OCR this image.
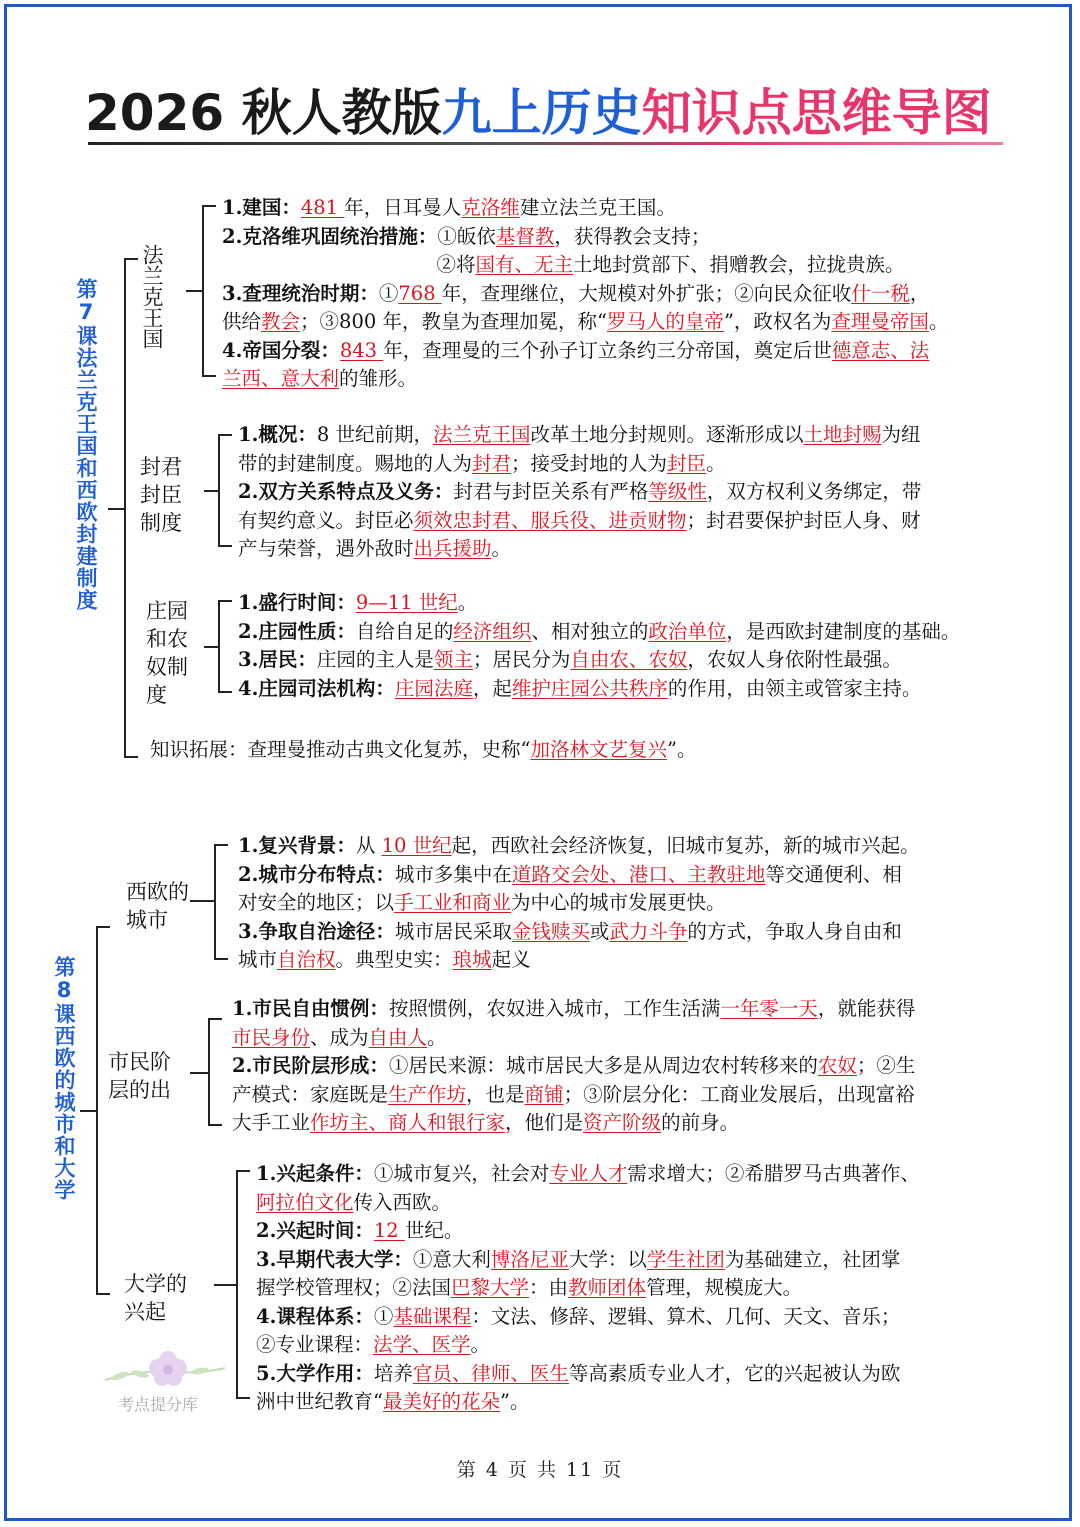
2026 秋人教版九上历史知识点思维导图
第7课法兰克王国和西欧封建制度 法兰克王国
1.建国：481 年，日耳曼人克洛维建立法兰克王国。
2.克洛维巩固统治措施：①皈依基督教，获得教会支持；
　　　　　　　　　　　②将国有、无主土地封赏部下、捐赠教会，拉拢贵族。
3.查理统治时期：①768 年，查理继位，大规模对外扩张；②向民众征收什一税，
供给教会；③800 年，教皇为查理加冕，称“罗马人的皇帝”，政权名为查理曼帝国。
4.帝国分裂：843 年，查理曼的三个孙子订立条约三分帝国，奠定后世德意志、法
兰西、意大利的雏形。
封君
封臣
制度
1.概况：8 世纪前期，法兰克王国改革土地分封规则。逐渐形成以土地封赐为纽
带的封建制度。赐地的人为封君；接受封地的人为封臣。
2.双方关系特点及义务：封君与封臣关系有严格等级性，双方权利义务绑定，带
有契约意义。封臣必须效忠封君、服兵役、进贡财物；封君要保护封臣人身、财
产与荣誉，遇外敌时出兵援助。
庄园
和农
奴制
度
1.盛行时间：9—11 世纪。
2.庄园性质：自给自足的经济组织、相对独立的政治单位，是西欧封建制度的基础。
3.居民：庄园的主人是领主；居民分为自由农、农奴，农奴人身依附性最强。
4.庄园司法机构：庄园法庭，起维护庄园公共秩序的作用，由领主或管家主持。
知识拓展：查理曼推动古典文化复苏，史称“加洛林文艺复兴”。
第8课西欧的城市和大学
西欧的
城市
1.复兴背景：从 10 世纪起，西欧社会经济恢复，旧城市复苏，新的城市兴起。
2.城市分布特点：城市多集中在道路交会处、港口、主教驻地等交通便利、相
对安全的地区；以手工业和商业为中心的城市发展更快。
3.争取自治途径：城市居民采取金钱赎买或武力斗争的方式，争取人身自由和
城市自治权。典型史实：琅城起义
市民阶
层的出
1.市民自由惯例：按照惯例，农奴进入城市，工作生活满一年零一天，就能获得
市民身份、成为自由人。
2.市民阶层形成：①居民来源：城市居民大多是从周边农村转移来的农奴；②生
产模式：家庭既是生产作坊，也是商铺；③阶层分化：工商业发展后，出现富裕
大手工业作坊主、商人和银行家，他们是资产阶级的前身。
大学的
兴起
1.兴起条件：①城市复兴，社会对专业人才需求增大；②希腊罗马古典著作、
阿拉伯文化传入西欧。
2.兴起时间：12 世纪。
3.早期代表大学：①意大利博洛尼亚大学：以学生社团为基础建立，社团掌
握学校管理权；②法国巴黎大学：由教师团体管理，规模庞大。
4.课程体系：①基础课程：文法、修辞、逻辑、算术、几何、天文、音乐；
②专业课程：法学、医学。
5.大学作用：培养官员、律师、医生等高素质专业人才，它的兴起被认为欧
洲中世纪教育“最美好的花朵”。
考点提分库
第 4 页 共 11 页
